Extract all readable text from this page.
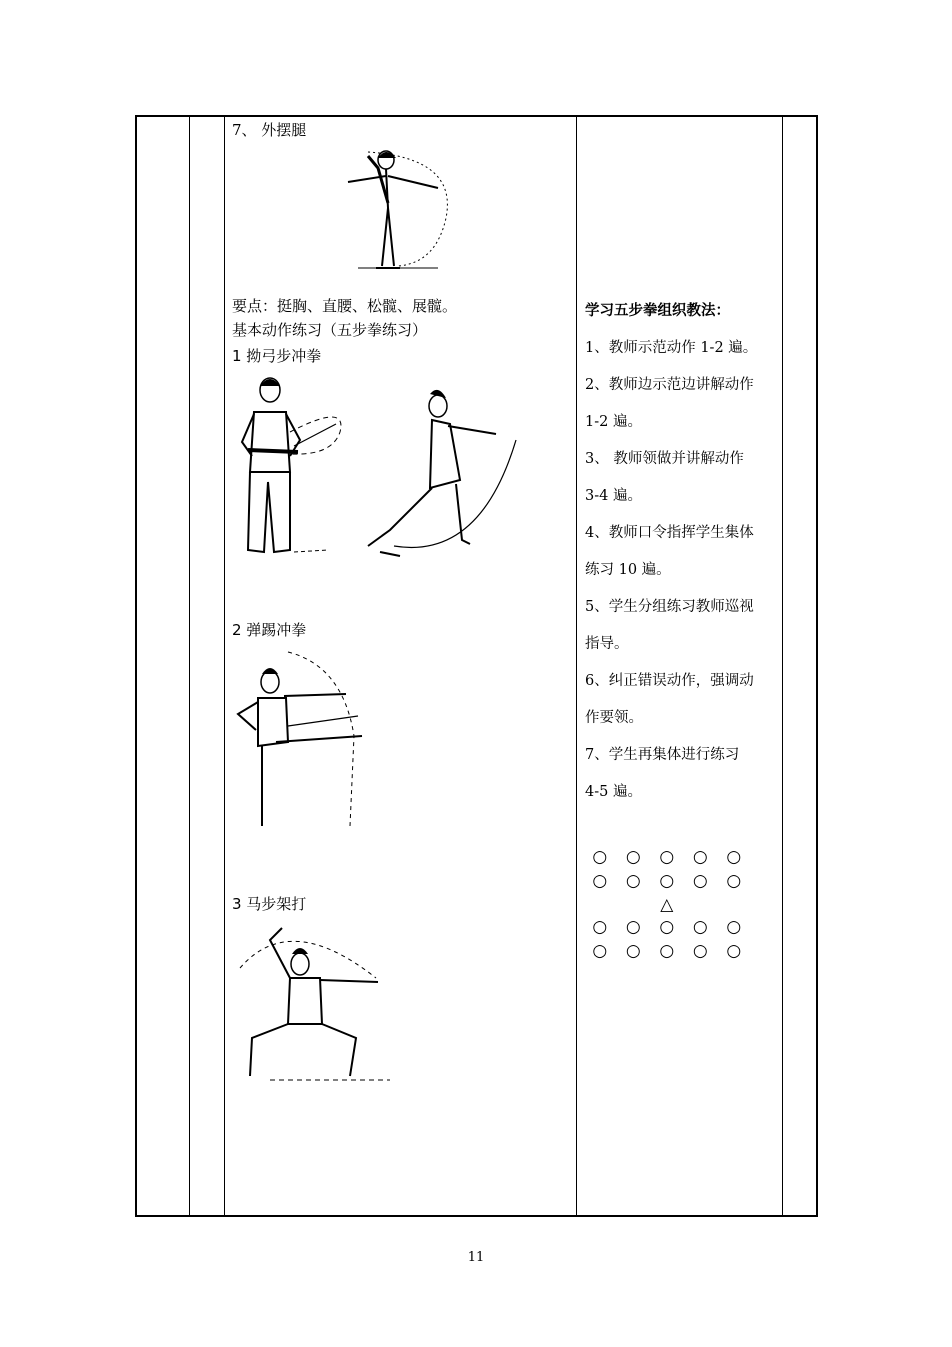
7、 外摆腿
要点：挺胸、直腰、松髋、展髋。
基本动作练习（五步拳练习）
1 拗弓步冲拳
2 弹踢冲拳
3 马步架打
学习五步拳组织教法：
1、教师示范动作 1-2 遍。
2、教师边示范边讲解动作
1-2 遍。
3、 教师领做并讲解动作
3-4 遍。
4、教师口令指挥学生集体
练习 10 遍。
5、学生分组练习教师巡视
指导。
6、纠正错误动作，强调动
作要领。
7、学生再集体进行练习
4-5 遍。
○	○	○	○	○
○	○	○	○	○
△
○	○	○	○	○
○	○	○	○	○
11
